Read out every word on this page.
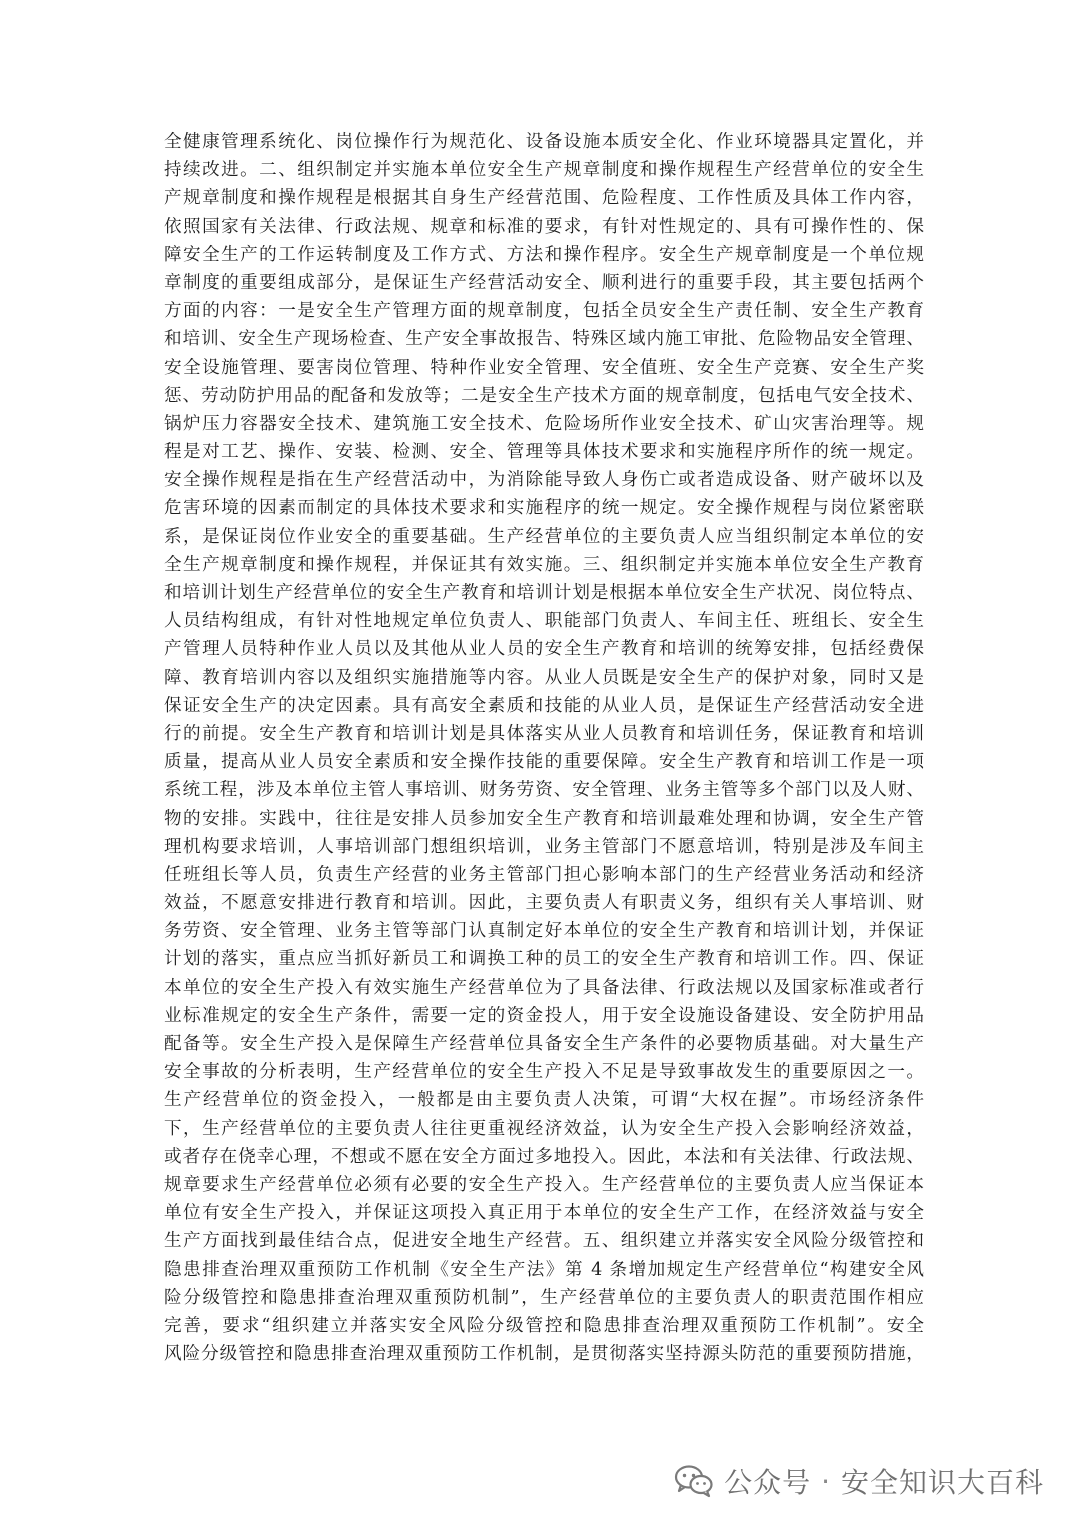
全健康管理系统化、岗位操作行为规范化、设备设施本质安全化、作业环境器具定置化，并
持续改进。二、组织制定并实施本单位安全生产规章制度和操作规程生产经营单位的安全生
产规章制度和操作规程是根据其自身生产经营范围、危险程度、工作性质及具体工作内容，
依照国家有关法律、行政法规、规章和标准的要求，有针对性规定的、具有可操作性的、保
障安全生产的工作运转制度及工作方式、方法和操作程序。安全生产规章制度是一个单位规
章制度的重要组成部分，是保证生产经营活动安全、顺利进行的重要手段，其主要包括两个
方面的内容：一是安全生产管理方面的规章制度，包括全员安全生产责任制、安全生产教育
和培训、安全生产现场检查、生产安全事故报告、特殊区域内施工审批、危险物品安全管理、
安全设施管理、要害岗位管理、特种作业安全管理、安全值班、安全生产竞赛、安全生产奖
惩、劳动防护用品的配备和发放等；二是安全生产技术方面的规章制度，包括电气安全技术、
锅炉压力容器安全技术、建筑施工安全技术、危险场所作业安全技术、矿山灾害治理等。规
程是对工艺、操作、安装、检测、安全、管理等具体技术要求和实施程序所作的统一规定。
安全操作规程是指在生产经营活动中，为消除能导致人身伤亡或者造成设备、财产破坏以及
危害环境的因素而制定的具体技术要求和实施程序的统一规定。安全操作规程与岗位紧密联
系，是保证岗位作业安全的重要基础。生产经营单位的主要负责人应当组织制定本单位的安
全生产规章制度和操作规程，并保证其有效实施。三、组织制定并实施本单位安全生产教育
和培训计划生产经营单位的安全生产教育和培训计划是根据本单位安全生产状况、岗位特点、
人员结构组成，有针对性地规定单位负责人、职能部门负责人、车间主任、班组长、安全生
产管理人员特种作业人员以及其他从业人员的安全生产教育和培训的统筹安排，包括经费保
障、教育培训内容以及组织实施措施等内容。从业人员既是安全生产的保护对象，同时又是
保证安全生产的决定因素。具有高安全素质和技能的从业人员，是保证生产经营活动安全进
行的前提。安全生产教育和培训计划是具体落实从业人员教育和培训任务，保证教育和培训
质量，提高从业人员安全素质和安全操作技能的重要保障。安全生产教育和培训工作是一项
系统工程，涉及本单位主管人事培训、财务劳资、安全管理、业务主管等多个部门以及人财、
物的安排。实践中，往往是安排人员参加安全生产教育和培训最难处理和协调，安全生产管
理机构要求培训，人事培训部门想组织培训，业务主管部门不愿意培训，特别是涉及车间主
任班组长等人员，负责生产经营的业务主管部门担心影响本部门的生产经营业务活动和经济
效益，不愿意安排进行教育和培训。因此，主要负责人有职责义务，组织有关人事培训、财
务劳资、安全管理、业务主管等部门认真制定好本单位的安全生产教育和培训计划，并保证
计划的落实，重点应当抓好新员工和调换工种的员工的安全生产教育和培训工作。四、保证
本单位的安全生产投入有效实施生产经营单位为了具备法律、行政法规以及国家标准或者行
业标准规定的安全生产条件，需要一定的资金投人，用于安全设施设备建设、安全防护用品
配备等。安全生产投入是保障生产经营单位具备安全生产条件的必要物质基础。对大量生产
安全事故的分析表明，生产经营单位的安全生产投入不足是导致事故发生的重要原因之一。
生产经营单位的资金投入，一般都是由主要负责人决策，可谓“大权在握”。市场经济条件
下，生产经营单位的主要负责人往往更重视经济效益，认为安全生产投入会影响经济效益，
或者存在侥幸心理，不想或不愿在安全方面过多地投入。因此，本法和有关法律、行政法规、
规章要求生产经营单位必须有必要的安全生产投入。生产经营单位的主要负责人应当保证本
单位有安全生产投入，并保证这项投入真正用于本单位的安全生产工作，在经济效益与安全
生产方面找到最佳结合点，促进安全地生产经营。五、组织建立并落实安全风险分级管控和
隐患排查治理双重预防工作机制《安全生产法》第 4 条增加规定生产经营单位“构建安全风
险分级管控和隐患排查治理双重预防机制”，生产经营单位的主要负责人的职责范围作相应
完善，要求“组织建立并落实安全风险分级管控和隐患排查治理双重预防工作机制”。安全
风险分级管控和隐患排查治理双重预防工作机制，是贯彻落实坚持源头防范的重要预防措施，
公众号 · 安全知识大百科
